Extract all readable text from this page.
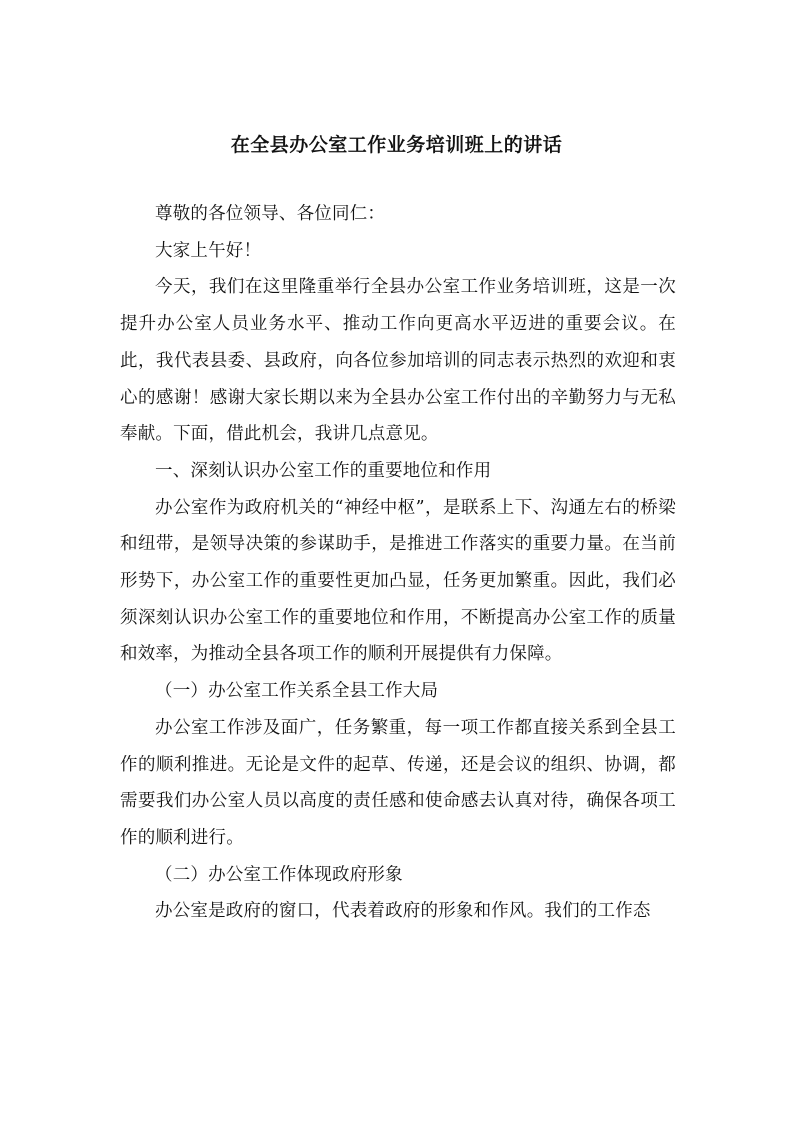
在全县办公室工作业务培训班上的讲话

尊敬的各位领导、各位同仁：

大家上午好！

今天，我们在这里隆重举行全县办公室工作业务培训班，这是一次提升办公室人员业务水平、推动工作向更高水平迈进的重要会议。在此，我代表县委、县政府，向各位参加培训的同志表示热烈的欢迎和衷心的感谢！感谢大家长期以来为全县办公室工作付出的辛勤努力与无私奉献。下面，借此机会，我讲几点意见。

一、深刻认识办公室工作的重要地位和作用

办公室作为政府机关的“神经中枢”，是联系上下、沟通左右的桥梁和纽带，是领导决策的参谋助手，是推进工作落实的重要力量。在当前形势下，办公室工作的重要性更加凸显，任务更加繁重。因此，我们必须深刻认识办公室工作的重要地位和作用，不断提高办公室工作的质量和效率，为推动全县各项工作的顺利开展提供有力保障。

（一）办公室工作关系全县工作大局

办公室工作涉及面广，任务繁重，每一项工作都直接关系到全县工作的顺利推进。无论是文件的起草、传递，还是会议的组织、协调，都需要我们办公室人员以高度的责任感和使命感去认真对待，确保各项工作的顺利进行。

（二）办公室工作体现政府形象

办公室是政府的窗口，代表着政府的形象和作风。我们的工作态
